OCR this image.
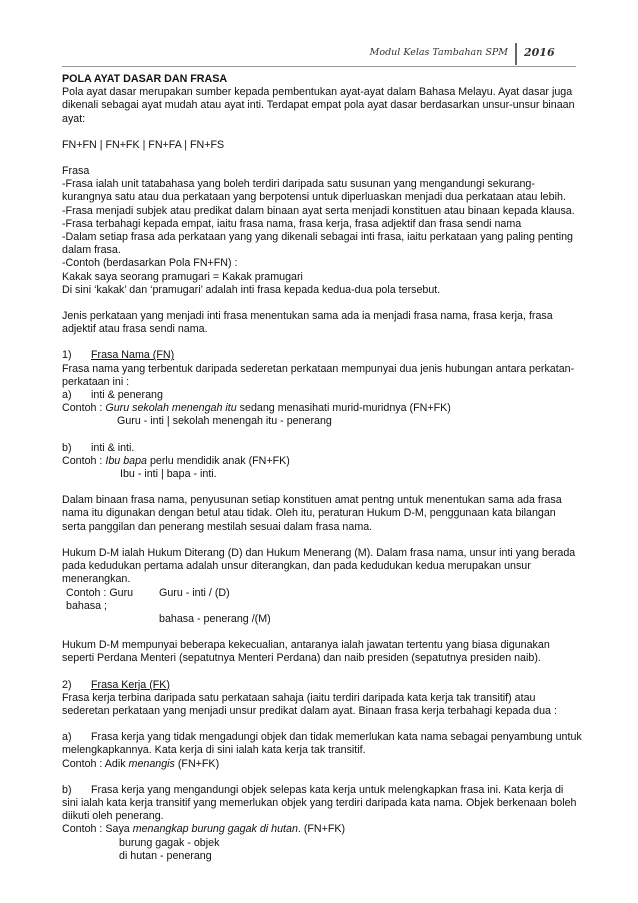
Modul Kelas Tambahan SPM 2016

POLA AYAT DASAR DAN FRASA

Pola ayat dasar merupakan sumber kepada pembentukan ayat-ayat dalam Bahasa Melayu. Ayat dasar juga dikenali sebagai ayat mudah atau ayat inti. Terdapat empat pola ayat dasar berdasarkan unsur-unsur binaan ayat:

FN+FN | FN+FK | FN+FA | FN+FS

Frasa

-Frasa ialah unit tatabahasa yang boleh terdiri daripada satu susunan yang mengandungi sekurang-kurangnya satu atau dua perkataan yang berpotensi untuk diperluaskan menjadi dua perkataan atau lebih.

-Frasa menjadi subjek atau predikat dalam binaan ayat serta menjadi konstituen atau binaan kepada klausa.

-Frasa terbahagi kepada empat, iaitu frasa nama, frasa kerja, frasa adjektif dan frasa sendi nama

-Dalam setiap frasa ada perkataan yang yang dikenali sebagai inti frasa, iaitu perkataan yang paling penting dalam frasa.

-Contoh (berdasarkan Pola FN+FN) :

Kakak saya seorang pramugari = Kakak pramugari

Di sini ‘kakak’ dan ‘pramugari’ adalah inti frasa kepada kedua-dua pola tersebut.

Jenis perkataan yang menjadi inti frasa menentukan sama ada ia menjadi frasa nama, frasa kerja, frasa adjektif atau frasa sendi nama.

1)	Frasa Nama (FN)

Frasa nama yang terbentuk daripada sederetan perkataan mempunyai dua jenis hubungan antara perkatan-perkataan ini :

a)	inti & penerang

Contoh : Guru sekolah menengah itu sedang menasihati murid-muridnya (FN+FK)

Guru - inti | sekolah menengah itu - penerang

b)	inti & inti.

Contoh : Ibu bapa perlu mendidik anak (FN+FK)

Ibu - inti | bapa - inti.

Dalam binaan frasa nama, penyusunan setiap konstituen amat pentng untuk menentukan sama ada frasa nama itu digunakan dengan betul atau tidak. Oleh itu, peraturan Hukum D-M, penggunaan kata bilangan serta panggilan dan penerang mestilah sesuai dalam frasa nama.

Hukum D-M ialah Hukum Diterang (D) dan Hukum Menerang (M). Dalam frasa nama, unsur inti yang berada pada kedudukan pertama adalah unsur diterangkan, dan pada kedudukan kedua merupakan unsur menerangkan.

Contoh : Guru bahasa ;
Guru - inti / (D)

bahasa - penerang /(M)

Hukum D-M mempunyai beberapa kekecualian, antaranya ialah jawatan tertentu yang biasa digunakan seperti Perdana Menteri (sepatutnya Menteri Perdana) dan naib presiden (sepatutnya presiden naib).

2)	Frasa Kerja (FK)

Frasa kerja terbina daripada satu perkataan sahaja (iaitu terdiri daripada kata kerja tak transitif) atau sederetan perkataan yang menjadi unsur predikat dalam ayat. Binaan frasa kerja terbahagi kepada dua :

a) Frasa kerja yang tidak mengadungi objek dan tidak memerlukan kata nama sebagai penyambung untuk melengkapkannya. Kata kerja di sini ialah kata kerja tak transitif.

Contoh : Adik menangis (FN+FK)

b) Frasa kerja yang mengandungi objek selepas kata kerja untuk melengkapkan frasa ini. Kata kerja di sini ialah kata kerja transitif yang memerlukan objek yang terdiri daripada kata nama. Objek berkenaan boleh diikuti oleh penerang.

Contoh : Saya menangkap burung gagak di hutan. (FN+FK)

burung gagak - objek

di hutan - penerang
